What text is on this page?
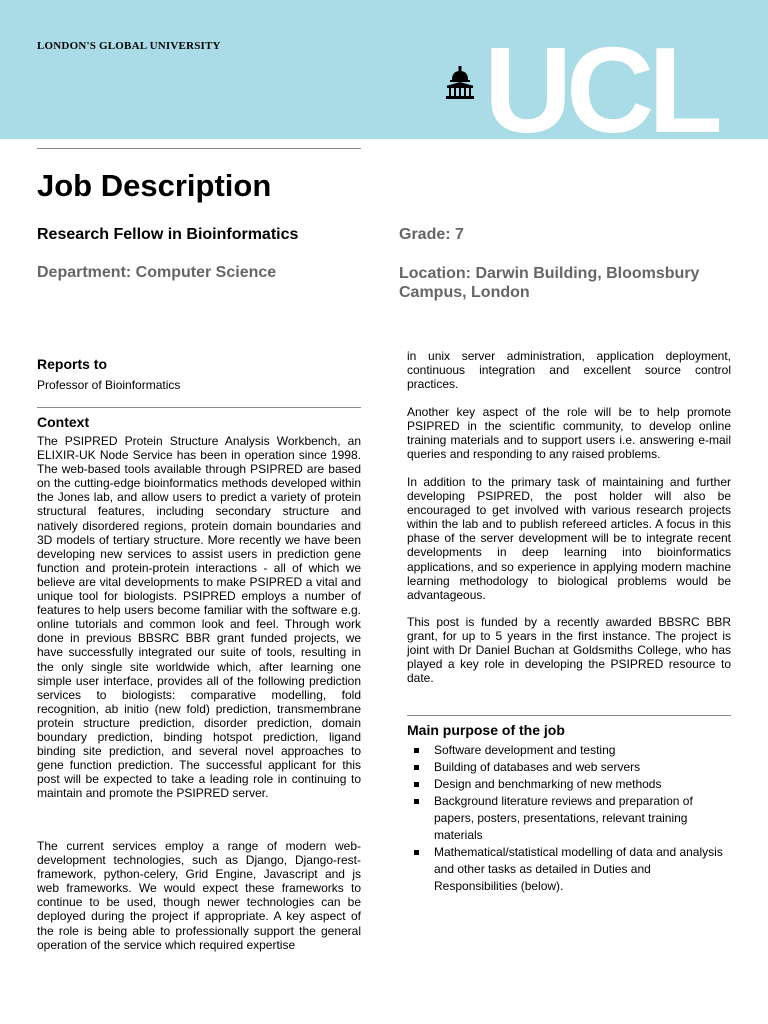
LONDON'S GLOBAL UNIVERSITY UCL
Job Description
Research Fellow in Bioinformatics	Grade: 7
Department: Computer Science	Location: Darwin Building, Bloomsbury Campus, London
Reports to
Professor of Bioinformatics
Context

The PSIPRED Protein Structure Analysis Workbench, an ELIXIR-UK Node Service has been in operation since 1998. The web-based tools available through PSIPRED are based on the cutting-edge bioinformatics methods developed within the Jones lab, and allow users to predict a variety of protein structural features, including secondary structure and natively disordered regions, protein domain boundaries and 3D models of tertiary structure. More recently we have been developing new services to assist users in prediction gene function and protein-protein interactions - all of which we believe are vital developments to make PSIPRED a vital and unique tool for biologists. PSIPRED employs a number of features to help users become familiar with the software e.g. online tutorials and common look and feel. Through work done in previous BBSRC BBR grant funded projects, we have successfully integrated our suite of tools, resulting in the only single site worldwide which, after learning one simple user interface, provides all of the following prediction services to biologists: comparative modelling, fold recognition, ab initio (new fold) prediction, transmembrane protein structure prediction, disorder prediction, domain boundary prediction, binding hotspot prediction, ligand binding site prediction, and several novel approaches to gene function prediction. The successful applicant for this post will be expected to take a leading role in continuing to maintain and promote the PSIPRED server.

The current services employ a range of modern web-development technologies, such as Django, Django-rest-framework, python-celery, Grid Engine, Javascript and js web frameworks. We would expect these frameworks to continue to be used, though newer technologies can be deployed during the project if appropriate. A key aspect of the role is being able to professionally support the general operation of the service which required expertise

in unix server administration, application deployment, continuous integration and excellent source control practices.

Another key aspect of the role will be to help promote PSIPRED in the scientific community, to develop online training materials and to support users i.e. answering e-mail queries and responding to any raised problems.

In addition to the primary task of maintaining and further developing PSIPRED, the post holder will also be encouraged to get involved with various research projects within the lab and to publish refereed articles. A focus in this phase of the server development will be to integrate recent developments in deep learning into bioinformatics applications, and so experience in applying modern machine learning methodology to biological problems would be advantageous.

This post is funded by a recently awarded BBSRC BBR grant, for up to 5 years in the first instance. The project is joint with Dr Daniel Buchan at Goldsmiths College, who has played a key role in developing the PSIPRED resource to date.

Main purpose of the job
Software development and testing
Building of databases and web servers
Design and benchmarking of new methods
Background literature reviews and preparation of papers, posters, presentations, relevant training materials
Mathematical/statistical modelling of data and analysis and other tasks as detailed in Duties and Responsibilities (below).
